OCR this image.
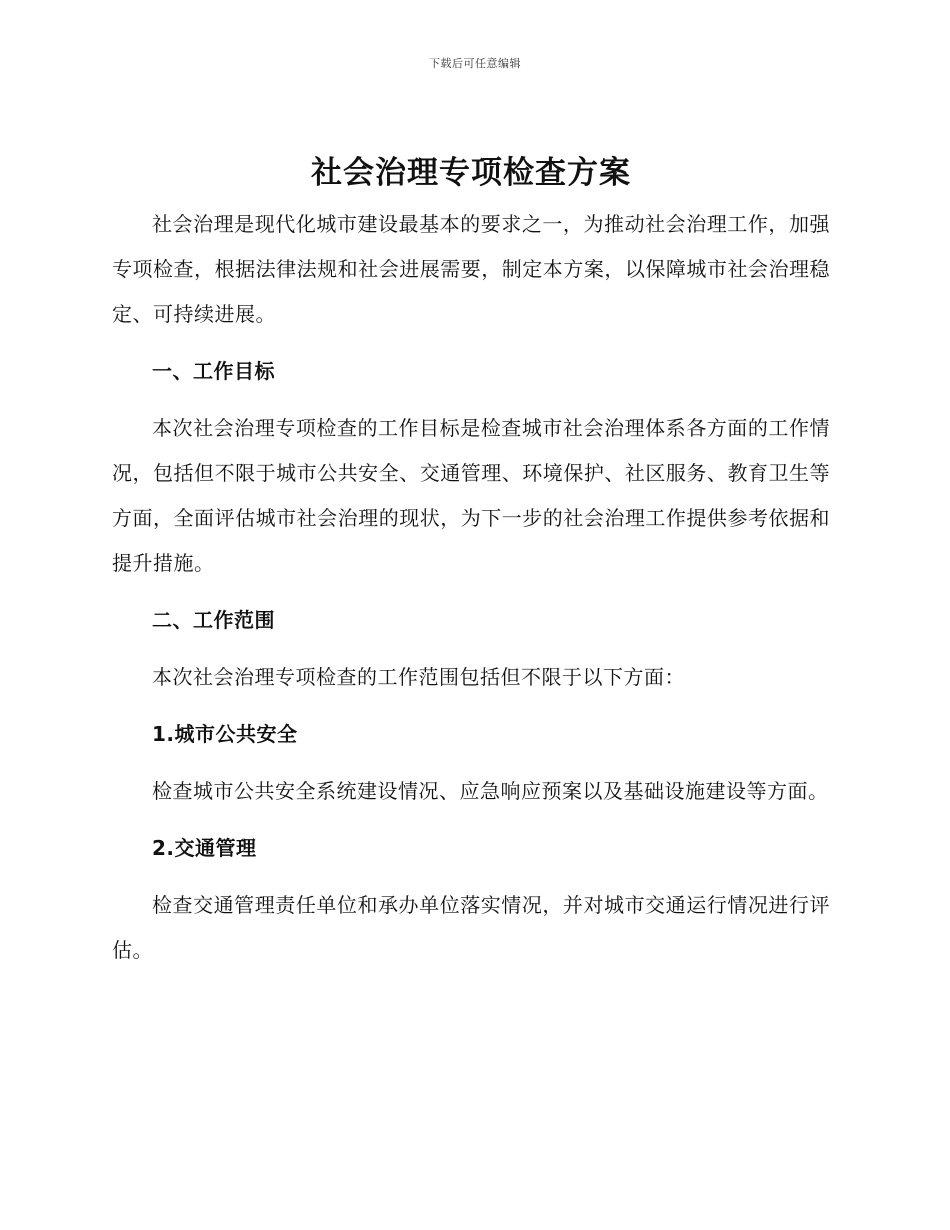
下载后可任意编辑
社会治理专项检查方案

社会治理是现代化城市建设最基本的要求之一，为推动社会治理工作，加强专项检查，根据法律法规和社会进展需要，制定本方案，以保障城市社会治理稳定、可持续进展。

一、工作目标

本次社会治理专项检查的工作目标是检查城市社会治理体系各方面的工作情况，包括但不限于城市公共安全、交通管理、环境保护、社区服务、教育卫生等方面，全面评估城市社会治理的现状，为下一步的社会治理工作提供参考依据和提升措施。

二、工作范围

本次社会治理专项检查的工作范围包括但不限于以下方面：

1.城市公共安全

检查城市公共安全系统建设情况、应急响应预案以及基础设施建设等方面。

2.交通管理

检查交通管理责任单位和承办单位落实情况，并对城市交通运行情况进行评估。
